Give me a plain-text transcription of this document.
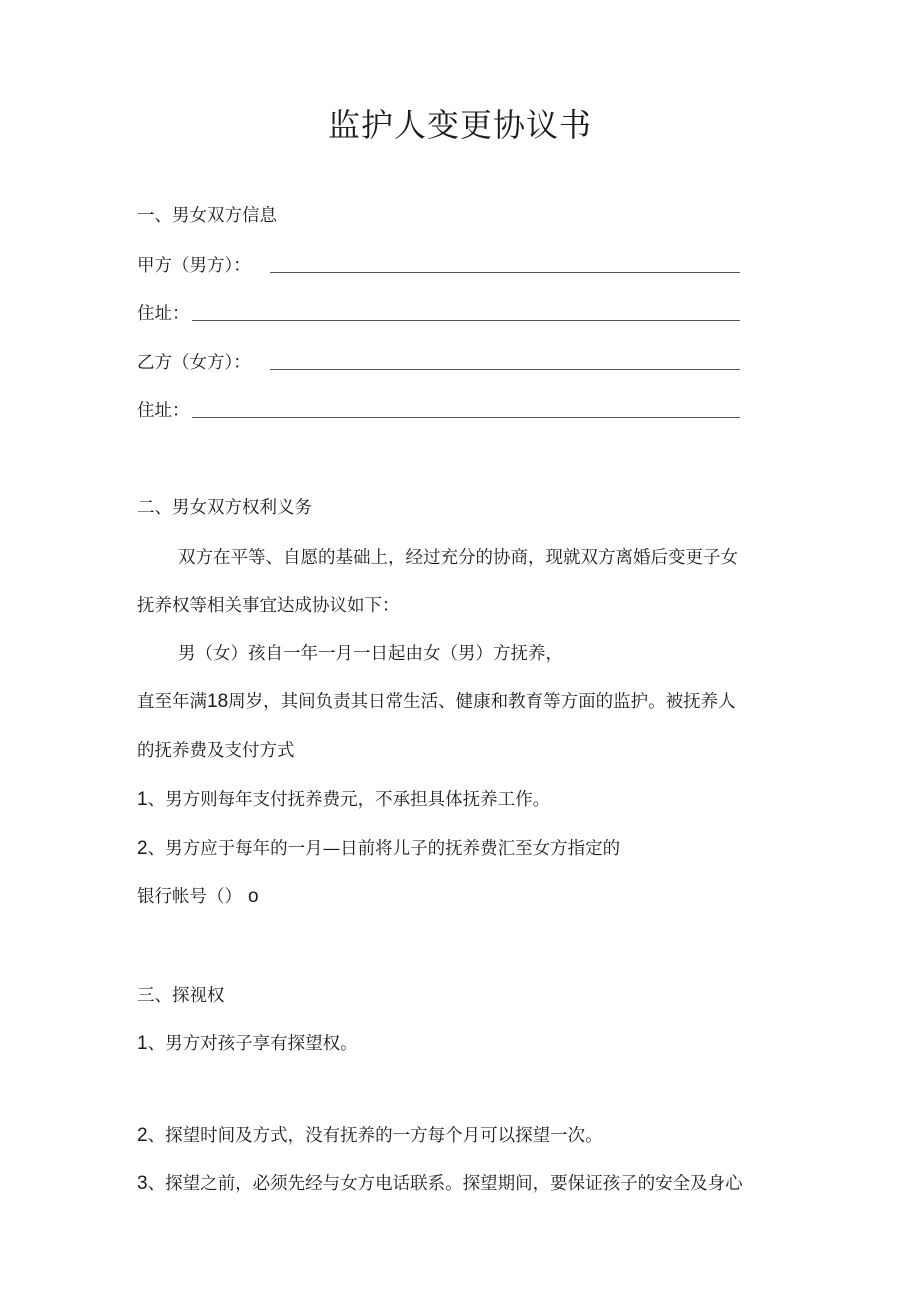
监护人变更协议书
一、男女双方信息
甲方（男方）：
住址：
乙方（女方）：
住址：
二、男女双方权利义务
双方在平等、自愿的基础上，经过充分的协商，现就双方离婚后变更子女
抚养权等相关事宜达成协议如下：
男（女）孩自一年一月一日起由女（男）方抚养，
直至年满18周岁，其间负责其日常生活、健康和教育等方面的监护。被抚养人
的抚养费及支付方式
1、男方则每年支付抚养费元，不承担具体抚养工作。
2、男方应于每年的一月—日前将儿子的抚养费汇至女方指定的
银行帐号（） o
三、探视权
1、男方对孩子享有探望权。
2、探望时间及方式，没有抚养的一方每个月可以探望一次。
3、探望之前，必须先经与女方电话联系。探望期间，要保证孩子的安全及身心
